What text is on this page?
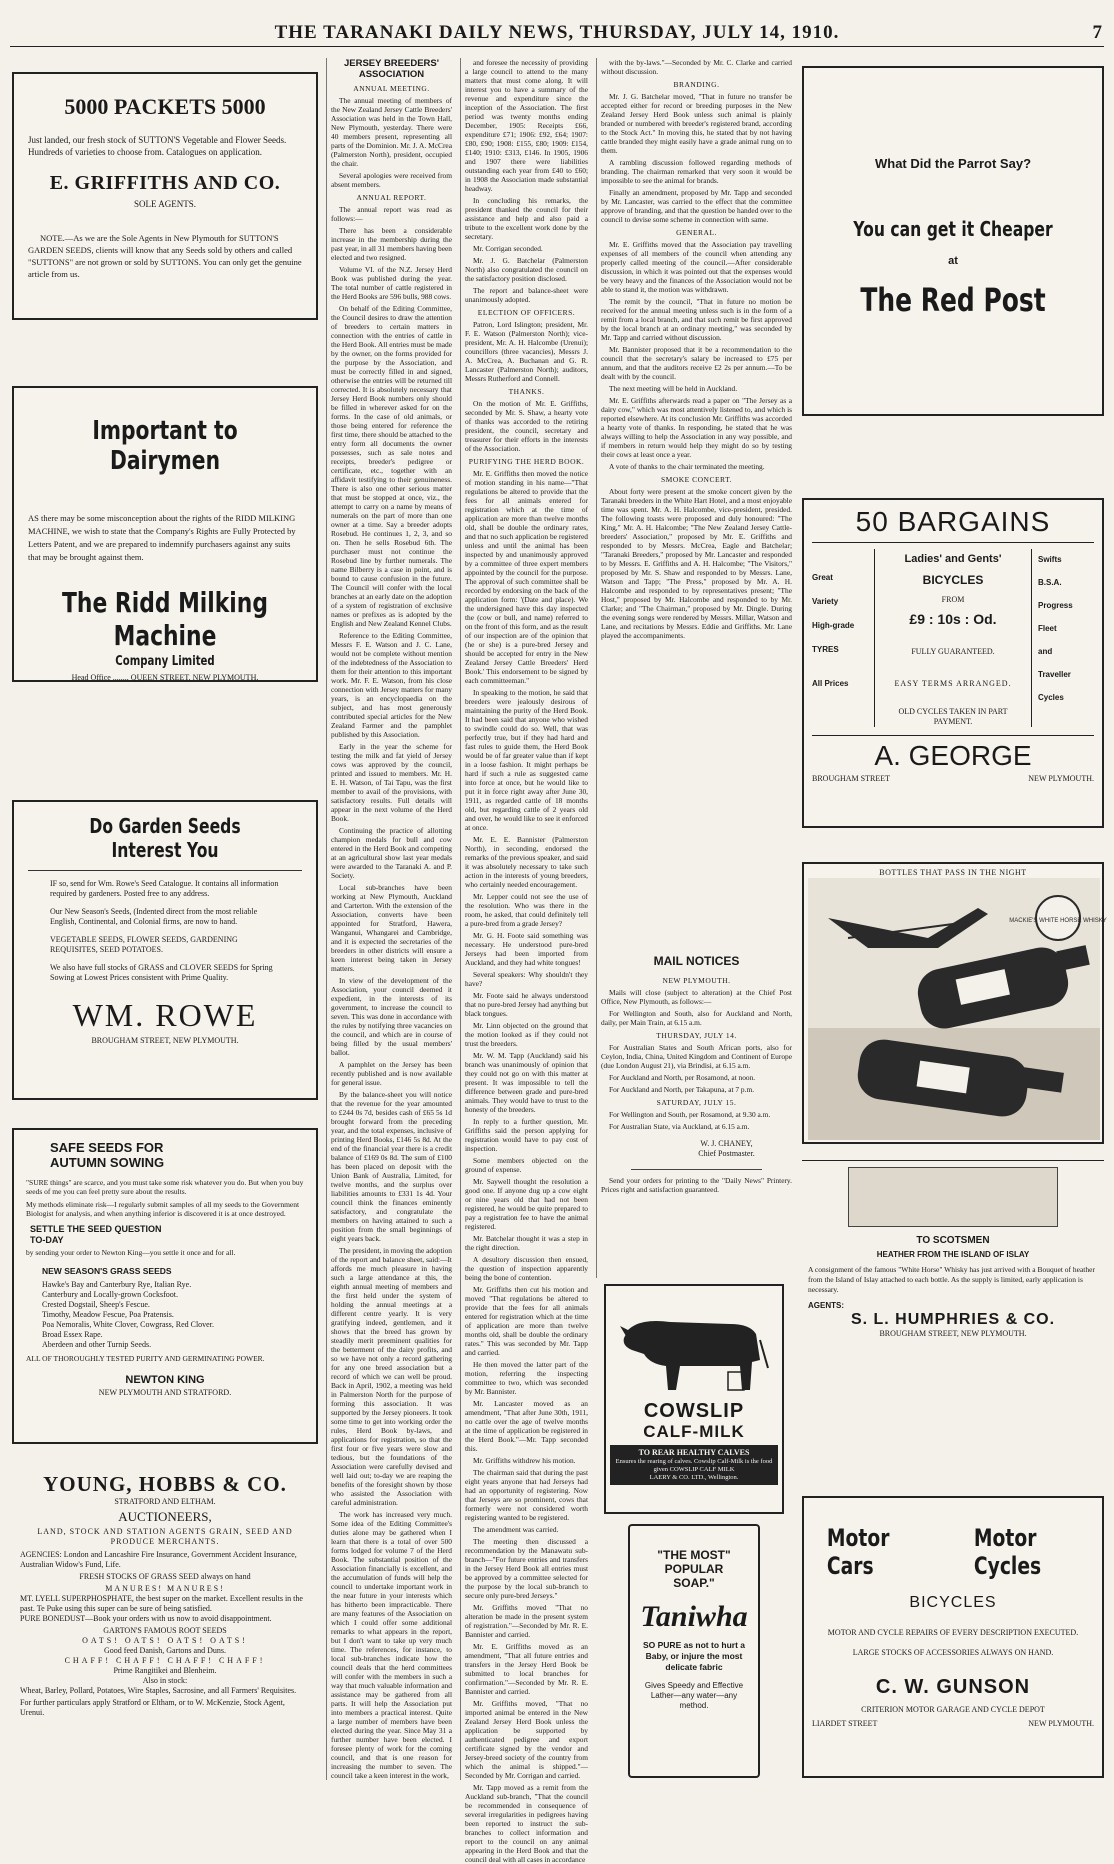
THE TARANAKI DAILY NEWS, THURSDAY, JULY 14, 1910.	7
5000 PACKETS 5000
Just landed, our fresh stock of SUTTON'S Vegetable and Flower Seeds. Hundreds of varieties to choose from. Catalogues on application.
E. GRIFFITHS AND CO.
SOLE AGENTS.
NOTE.—As we are the Sole Agents in New Plymouth for SUTTON'S GARDEN SEEDS, clients will know that any Seeds sold by others and called "SUTTONS" are not grown or sold by SUTTONS. You can only get the genuine article from us.
Important to Dairymen
AS there may be some misconception about the rights of the RIDD MILKING MACHINE, we wish to state that the Company's Rights are Fully Protected by Letters Patent, and we are prepared to indemnify purchasers against any suits that may be brought against them.
The Ridd Milking Machine
Company Limited
Head Office ........ QUEEN STREET, NEW PLYMOUTH.
Do Garden Seeds Interest You
IF so, send for Wm. Rowe's Seed Catalogue. It contains all information required by gardeners. Posted free to any address.
Our New Season's Seeds, (Indented direct from the most reliable English, Continental, and Colonial firms, are now to hand.
VEGETABLE SEEDS, FLOWER SEEDS, GARDENING REQUISITES, SEED POTATOES.
We also have full stocks of GRASS and CLOVER SEEDS for Spring Sowing at Lowest Prices consistent with Prime Quality.
WM. ROWE
BROUGHAM STREET, NEW PLYMOUTH.
SAFE SEEDS FOR
AUTUMN SOWING
"SURE things" are scarce, and you must take some risk whatever you do. But when you buy seeds of me you can feel pretty sure about the results.
My methods eliminate risk—I regularly submit samples of all my seeds to the Government Biologist for analysis, and when anything inferior is discovered it is at once destroyed.
SETTLE THE SEED QUESTION TO-DAY
by sending your order to Newton King—you settle it once and for all.
NEW SEASON'S GRASS SEEDS
Hawke's Bay and Canterbury Rye, Italian Rye.
Canterbury and Locally-grown Cocksfoot.
Crested Dogstail, Sheep's Fescue.
Timothy, Meadow Fescue, Poa Pratensis.
Poa Nemoralis, White Clover, Cowgrass, Red Clover.
Broad Essex Rape.
Aberdeen and other Turnip Seeds.
ALL OF THOROUGHLY TESTED PURITY AND GERMINATING POWER.
NEWTON KING
NEW PLYMOUTH AND STRATFORD.
YOUNG, HOBBS & CO.
STRATFORD AND ELTHAM.
AUCTIONEERS,
LAND, STOCK AND STATION AGENTS GRAIN, SEED AND PRODUCE MERCHANTS.
AGENCIES: London and Lancashire Fire Insurance, Government Accident Insurance, Australian Widow's Fund, Life.
FRESH STOCKS OF GRASS SEED always on hand
MANURES! MANURES!
MT. LYELL SUPERPHOSPHATE, the best super on the market. Excellent results in the past. Te Puke using this super can be sure of being satisfied.
PURE BONEDUST—Book your orders with us now to avoid disappointment.
GARTON'S FAMOUS ROOT SEEDS
OATS! OATS! OATS! OATS!
Good feed Danish, Gartons and Duns.
CHAFF! CHAFF! CHAFF! CHAFF!
Prime Rangitikei and Blenheim.
Also in stock:
Wheat, Barley, Pollard, Potatoes, Wire Staples, Sacrosine, and all Farmers' Requisites.
For further particulars apply Stratford or Eltham, or to W. McKenzie, Stock Agent, Urenui.
JERSEY BREEDERS' ASSOCIATION
ANNUAL MEETING.

The annual meeting of members of the New Zealand Jersey Cattle Breeders' Association was held in the Town Hall, New Plymouth, yesterday. There were 40 members present, representing all parts of the Dominion. Mr. J. A. McCrea (Palmerston North), president, occupied the chair.

Several apologies were received from absent members.

ANNUAL REPORT.

The annual report was read as follows:—

There has been a considerable increase in the membership during the past year, in all 31 members having been elected and two resigned.

Volume VI. of the N.Z. Jersey Herd Book was published during the year. The total number of cattle registered in the Herd Books are 596 bulls, 988 cows.

On behalf of the Editing Committee, the Council desires to draw the attention of breeders to certain matters in connection with the entries of cattle in the Herd Book. All entries must be made by the owner, on the forms provided for the purpose by the Association, and must be correctly filled in and signed, otherwise the entries will be returned till corrected. It is absolutely necessary that Jersey Herd Book numbers only should be filled in wherever asked for on the forms. In the case of old animals, or those being entered for reference the first time, there should be attached to the entry form all documents the owner possesses, such as sale notes and receipts, breeder's pedigree or certificate, etc., together with an affidavit testifying to their genuineness. There is also one other serious matter that must be stopped at once, viz., the attempt to carry on a name by means of numerals on the part of more than one owner at a time. Say a breeder adopts Rosebud. He continues 1, 2, 3, and so on. Then he sells Rosebud 6th. The purchaser must not continue the Rosebud line by further numerals. The name Bilberry is a case in point, and is bound to cause confusion in the future. The Council will confer with the local branches at an early date on the adoption of a system of registration of exclusive names or prefixes as is adopted by the English and New Zealand Kennel Clubs.

Reference to the Editing Committee, Messrs F. E. Watson and J. C. Lane, would not be complete without mention of the indebtedness of the Association to them for their attention to this important work. Mr. F. E. Watson, from his close connection with Jersey matters for many years, is an encyclopaedia on the subject, and has most generously contributed special articles for the New Zealand Farmer and the pamphlet published by this Association.

Early in the year the scheme for testing the milk and fat yield of Jersey cows was approved by the council, printed and issued to members. Mr. H. E. H. Watson, of Tai Tapu, was the first member to avail of the provisions, with satisfactory results. Full details will appear in the next volume of the Herd Book.

Continuing the practice of allotting champion medals for bull and cow entered in the Herd Book and competing at an agricultural show last year medals were awarded to the Taranaki A. and P. Society.

Local sub-branches have been working at New Plymouth, Auckland and Carterton. With the extension of the Association, converts have been appointed for Stratford, Hawera, Wanganui, Whangarei and Cambridge, and it is expected the secretaries of the breeders in other districts will ensure a keen interest being taken in Jersey matters.

In view of the development of the Association, your council deemed it expedient, in the interests of its government, to increase the council to seven. This was done in accordance with the rules by notifying three vacancies on the council, and which are in course of being filled by the usual members' ballot.

A pamphlet on the Jersey has been recently published and is now available for general issue.

By the balance-sheet you will notice that the revenue for the year amounted to £244 0s 7d, besides cash of £65 5s 1d brought forward from the preceding year, and the total expenses, inclusive of printing Herd Books, £146 5s 8d. At the end of the financial year there is a credit balance of £169 0s 8d. The sum of £100 has been placed on deposit with the Union Bank of Australia, Limited, for twelve months, and the surplus over liabilities amounts to £331 1s 4d. Your council think the finances eminently satisfactory, and congratulate the members on having attained to such a position from the small beginnings of eight years back.

The president, in moving the adoption of the report and balance sheet, said:—It affords me much pleasure in having such a large attendance at this, the eighth annual meeting of members and the first held under the system of holding the annual meetings at a different centre yearly. It is very gratifying indeed, gentlemen, and it shows that the breed has grown by steadily merit preeminent qualities for the betterment of the dairy profits, and so we have not only a record gathering for any one breed association but a record of which we can well be proud. Back in April, 1902, a meeting was held in Palmerston North for the purpose of forming this association. It was supported by the Jersey pioneers. It took some time to get into working order the rules, Herd Book by-laws, and applications for registration, so that the first four or five years were slow and tedious, but the foundations of the Association were carefully devised and well laid out; to-day we are reaping the benefits of the foresight shown by those who assisted the Association with careful administration.

The work has increased very much. Some idea of the Editing Committee's duties alone may be gathered when I learn that there is a total of over 500 forms lodged for volume 7 of the Herd Book. The substantial position of the Association financially is excellent, and the accumulation of funds will help the council to undertake important work in the near future in your interests which has hitherto been impracticable. There are many features of the Association on which I could offer some additional remarks to what appears in the report, but I don't want to take up very much time. The references, for instance, to local sub-branches indicate how the council deals that the herd committees will confer with the members in such a way that much valuable information and assistance may be gathered from all parts. It will help the Association put into members a practical interest. Quite a large number of members have been elected during the year. Since May 31 a further number have been elected. I foresee plenty of work for the coming council, and that is one reason for increasing the number to seven. The council take a keen interest in the work,

and foresee the necessity of providing a large council to attend to the many matters that must come along. It will interest you to have a summary of the revenue and expenditure since the inception of the Association. The first period was twenty months ending December, 1905: Receipts £66, expenditure £71; 1906: £92, £64; 1907: £80, £90; 1908: £155, £80; 1909: £154, £140; 1910: £313, £146. In 1905, 1906 and 1907 there were liabilities outstanding each year from £40 to £60; in 1908 the Association made substantial headway.

In concluding his remarks, the president thanked the council for their assistance and help and also paid a tribute to the excellent work done by the secretary.

Mr. Corrigan seconded.

Mr. J. G. Batchelar (Palmerston North) also congratulated the council on the satisfactory position disclosed.

The report and balance-sheet were unanimously adopted.

ELECTION OF OFFICERS.

Patron, Lord Islington; president, Mr. F. E. Watson (Palmerston North); vice-president, Mr. A. H. Halcombe (Urenui); councillors (three vacancies), Messrs J. A. McCrea, A. Buchanan and G. R. Lancaster (Palmerston North); auditors, Messrs Rutherford and Connell.

THANKS.

On the motion of Mr. E. Griffiths, seconded by Mr. S. Shaw, a hearty vote of thanks was accorded to the retiring president, the council, secretary and treasurer for their efforts in the interests of the Association.

PURIFYING THE HERD BOOK.

Mr. E. Griffiths then moved the notice of motion standing in his name—"That regulations be altered to provide that the fees for all animals entered for registration which at the time of application are more than twelve months old, shall be double the ordinary rates, and that no such application be registered unless and until the animal has been inspected by and unanimously approved by a committee of three expert members appointed by the council for the purpose. The approval of such committee shall be recorded by endorsing on the back of the application form: '(Date and place). We the undersigned have this day inspected the (cow or bull, and name) referred to on the front of this form, and as the result of our inspection are of the opinion that (he or she) is a pure-bred Jersey and should be accepted for entry in the New Zealand Jersey Cattle Breeders' Herd Book.' This endorsement to be signed by each committeeman."

In speaking to the motion, he said that breeders were jealously desirous of maintaining the purity of the Herd Book. It had been said that anyone who wished to swindle could do so. Well, that was perfectly true, but if they had hard and fast rules to guide them, the Herd Book would be of far greater value than if kept in a loose fashion. It might perhaps be hard if such a rule as suggested came into force at once, but he would like to put it in force right away after June 30, 1911, as regarded cattle of 18 months old, but regarding cattle of 2 years old and over, he would like to see it enforced at once.

Mr. E. E. Bannister (Palmerston North), in seconding, endorsed the remarks of the previous speaker, and said it was absolutely necessary to take such action in the interests of young breeders, who certainly needed encouragement.

Mr. Lepper could not see the use of the resolution. Who was there in the room, he asked, that could definitely tell a pure-bred from a grade Jersey?

Mr. G. H. Foote said something was necessary. He understood pure-bred Jerseys had been imported from Auckland, and they had white tongues!

Several speakers: Why shouldn't they have?

Mr. Foote said he always understood that no pure-bred Jersey had anything but black tongues.

Mr. Linn objected on the ground that the motion looked as if they could not trust the breeders.

Mr. W. M. Tapp (Auckland) said his branch was unanimously of opinion that they could not go on with this matter at present. It was impossible to tell the difference between grade and pure-bred animals. They would have to trust to the honesty of the breeders.

In reply to a further question, Mr. Griffiths said the person applying for registration would have to pay cost of inspection.

Some members objected on the ground of expense.

Mr. Saywell thought the resolution a good one. If anyone dug up a cow eight or nine years old that had not been registered, he would be quite prepared to pay a registration fee to have the animal registered.

Mr. Batchelar thought it was a step in the right direction.

A desultory discussion then ensued, the question of inspection apparently being the bone of contention.

Mr. Griffiths then cut his motion and moved "That regulations be altered to provide that the fees for all animals entered for registration which at the time of application are more than twelve months old, shall be double the ordinary rates." This was seconded by Mr. Tapp and carried.

He then moved the latter part of the motion, referring the inspecting committee to two, which was seconded by Mr. Bannister.

Mr. Lancaster moved as an amendment, "That after June 30th, 1911, no cattle over the age of twelve months at the time of application be registered in the Herd Book."—Mr. Tapp seconded this.

Mr. Griffiths withdrew his motion.

The chairman said that during the past eight years anyone that had Jerseys had had an opportunity of registering. Now that Jerseys are so prominent, cows that formerly were not considered worth registering wanted to be registered.

The amendment was carried.

The meeting then discussed a recommendation by the Manawatu sub-branch—"For future entries and transfers in the Jersey Herd Book all entries must be approved by a committee selected for the purpose by the local sub-branch to secure only pure-bred Jerseys."

Mr. Griffiths moved "That no alteration be made in the present system of registration."—Seconded by Mr. R. E. Bannister and carried.

Mr. E. Griffiths moved as an amendment, "That all future entries and transfers in the Jersey Herd Book be submitted to local branches for confirmation."—Seconded by Mr. R. E. Bannister and carried.

Mr. Griffiths moved, "That no imported animal be entered in the New Zealand Jersey Herd Book unless the application be supported by authenticated pedigree and export certificate signed by the vendor and Jersey-breed society of the country from which the animal is shipped."—Seconded by Mr. Corrigan and carried.

Mr. Tapp moved as a remit from the Auckland sub-branch, "That the council be recommended in consequence of several irregularities in pedigrees having been reported to instruct the sub-branches to collect information and report to the council on any animal appearing in the Herd Book and that the council deal with all cases in accordance

with the by-laws."—Seconded by Mr. C. Clarke and carried without discussion.

BRANDING.

Mr. J. G. Batchelar moved, "That in future no transfer be accepted either for record or breeding purposes in the New Zealand Jersey Herd Book unless such animal is plainly branded or numbered with breeder's registered brand, according to the Stock Act." In moving this, he stated that by not having cattle branded they might easily have a grade animal rung on to them.

A rambling discussion followed regarding methods of branding. The chairman remarked that very soon it would be impossible to see the animal for brands.

Finally an amendment, proposed by Mr. Tapp and seconded by Mr. Lancaster, was carried to the effect that the committee approve of branding, and that the question be handed over to the council to devise some scheme in connection with same.

GENERAL.

Mr. E. Griffiths moved that the Association pay travelling expenses of all members of the council when attending any properly called meeting of the council.—After considerable discussion, in which it was pointed out that the expenses would be very heavy and the finances of the Association would not be able to stand it, the motion was withdrawn.

The remit by the council, "That in future no motion be received for the annual meeting unless such is in the form of a remit from a local branch, and that such remit be first approved by the local branch at an ordinary meeting," was seconded by Mr. Tapp and carried without discussion.

Mr. Bannister proposed that it be a recommendation to the council that the secretary's salary be increased to £75 per annum, and that the auditors receive £2 2s per annum.—To be dealt with by the council.

The next meeting will be held in Auckland.

Mr. E. Griffiths afterwards read a paper on "The Jersey as a dairy cow," which was most attentively listened to, and which is reported elsewhere. At its conclusion Mr. Griffiths was accorded a hearty vote of thanks. In responding, he stated that he was always willing to help the Association in any way possible, and if members in return would help they might do so by testing their cows at least once a year.

A vote of thanks to the chair terminated the meeting.

SMOKE CONCERT.

About forty were present at the smoke concert given by the Taranaki breeders in the White Hart Hotel, and a most enjoyable time was spent. Mr. A. H. Halcombe, vice-president, presided. The following toasts were proposed and duly honoured: "The King," Mr. A. H. Halcombe; "The New Zealand Jersey Cattle-breeders' Association," proposed by Mr. E. Griffiths and responded to by Messrs. McCrea, Eagle and Batchelar; "Taranaki Breeders," proposed by Mr. Lancaster and responded to by Messrs. E. Griffiths and A. H. Halcombe; "The Visitors," proposed by Mr. S. Shaw and responded to by Messrs. Lane, Watson and Tapp; "The Press," proposed by Mr. A. H. Halcombe and responded to by representatives present; "The Host," proposed by Mr. Halcombe and responded to by Mr. Clarke; and "The Chairman," proposed by Mr. Dingle. During the evening songs were rendered by Messrs. Millar, Watson and Lane, and recitations by Messrs. Eddie and Griffiths. Mr. Lane played the accompaniments.

MAIL NOTICES
NEW PLYMOUTH.

Mails will close (subject to alteration) at the Chief Post Office, New Plymouth, as follows:—

For Wellington and South, also for Auckland and North, daily, per Main Train, at 6.15 a.m.

THURSDAY, JULY 14.

For Australian States and South African ports, also for Ceylon, India, China, United Kingdom and Continent of Europe (due London August 21), via Brindisi, at 6.15 a.m.

For Auckland and North, per Rosamond, at noon.

For Auckland and North, per Takapuna, at 7 p.m.

SATURDAY, JULY 15.

For Wellington and South, per Rosamond, at 9.30 a.m.

For Australian State, via Auckland, at 6.15 a.m.

W. J. CHANEY,
Chief Postmaster.

Send your orders for printing to the "Daily News" Printery. Prices right and satisfaction guaranteed.

COWSLIP
CALF-MILK
TO REAR HEALTHY CALVES
Ensures the rearing of calves. Cowslip Calf-Milk is the food given COWSLIP CALF MILK
LAERY & CO. LTD., Wellington.
"THE MOST"
POPULAR
SOAP."
Taniwha
SO PURE as not to hurt a Baby, or injure the most delicate fabric
Gives Speedy and Effective Lather—any water—any method.
What Did the Parrot Say?
You can get it Cheaper
at
The Red Post
50 BARGAINS
Great
Variety
High-grade
TYRES
All Prices
Ladies' and Gents'
BICYCLES
FROM
£9 : 10s : Od.
FULLY GUARANTEED.
EASY TERMS ARRANGED.
OLD CYCLES TAKEN IN PART PAYMENT.
Swifts
B.S.A.
Progress
Fleet
and
Traveller
Cycles
A. GEORGE
BROUGHAM STREET	NEW PLYMOUTH.
BOTTLES THAT PASS IN THE NIGHT
MACKIE'S WHITE HORSE WHISKY
TO SCOTSMEN
HEATHER FROM THE ISLAND OF ISLAY
A consignment of the famous "White Horse" Whisky has just arrived with a Bouquet of heather from the Island of Islay attached to each bottle. As the supply is limited, early application is necessary.
AGENTS:
S. L. HUMPHRIES & CO.
BROUGHAM STREET, NEW PLYMOUTH.
Motor Cars
Motor Cycles
BICYCLES
MOTOR AND CYCLE REPAIRS OF EVERY DESCRIPTION EXECUTED.
LARGE STOCKS OF ACCESSORIES ALWAYS ON HAND.
C. W. GUNSON
CRITERION MOTOR GARAGE AND CYCLE DEPOT
LIARDET STREET	NEW PLYMOUTH.
